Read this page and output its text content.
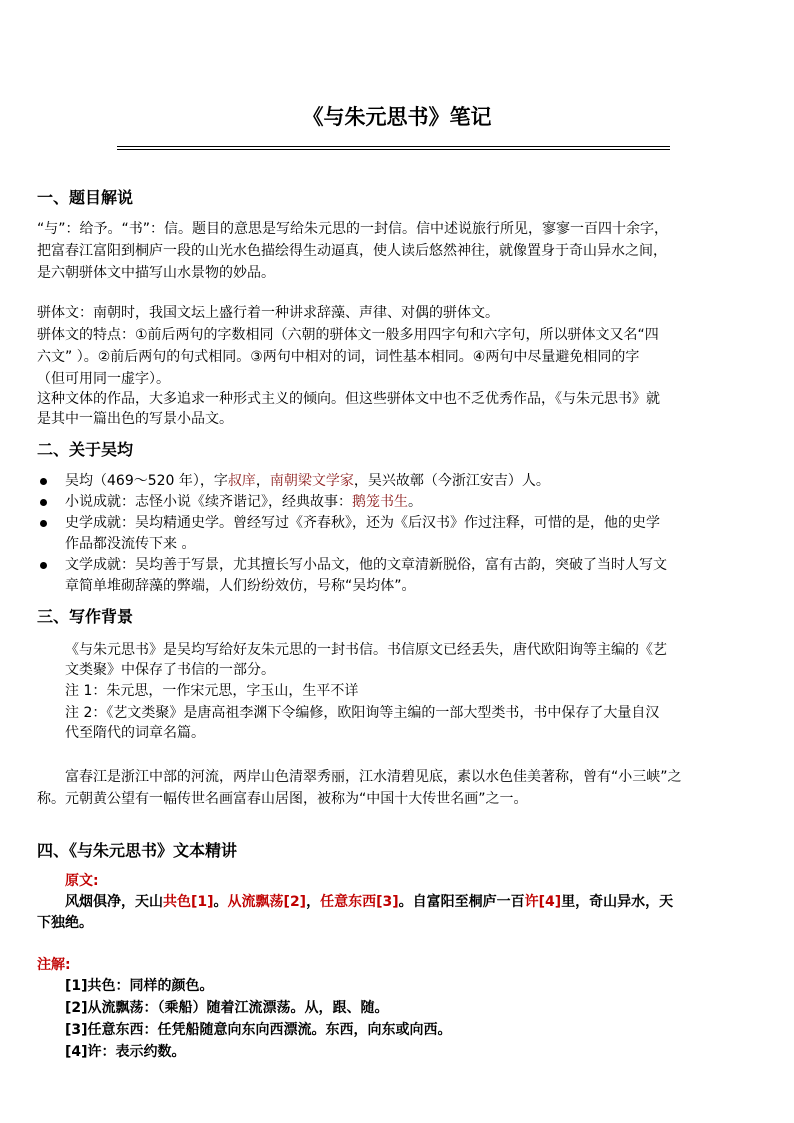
《与朱元思书》笔记
一、题目解说
“与”：给予。“书”：信。题目的意思是写给朱元思的一封信。信中述说旅行所见，寥寥一百四十余字，
把富春江富阳到桐庐一段的山光水色描绘得生动逼真，使人读后悠然神往，就像置身于奇山异水之间，
是六朝骈体文中描写山水景物的妙品。
骈体文：南朝时，我国文坛上盛行着一种讲求辞藻、声律、对偶的骈体文。
骈体文的特点：①前后两句的字数相同（六朝的骈体文一般多用四字句和六字句，所以骈体文又名“四
六文” ）。②前后两句的句式相同。③两句中相对的词，词性基本相同。④两句中尽量避免相同的字
（但可用同一虚字）。
这种文体的作品，大多追求一种形式主义的倾向。但这些骈体文中也不乏优秀作品，《与朱元思书》就
是其中一篇出色的写景小品文。
二、关于吴均
吴均（469～520 年），字叔庠，南朝梁文学家，吴兴故鄣（今浙江安吉）人。
小说成就：志怪小说《续齐谐记》，经典故事：鹅笼书生。
史学成就：吴均精通史学。曾经写过《齐春秋》，还为《后汉书》作过注释，可惜的是，他的史学
作品都没流传下来 。
文学成就：吴均善于写景，尤其擅长写小品文，他的文章清新脱俗，富有古韵，突破了当时人写文
章简单堆砌辞藻的弊端，人们纷纷效仿，号称“吴均体”。
三、写作背景
《与朱元思书》是吴均写给好友朱元思的一封书信。书信原文已经丢失，唐代欧阳询等主编的《艺
文类聚》中保存了书信的一部分。
注 1：朱元思，一作宋元思，字玉山，生平不详
注 2：《艺文类聚》是唐高祖李渊下令编修，欧阳询等主编的一部大型类书，书中保存了大量自汉
代至隋代的词章名篇。
富春江是浙江中部的河流，两岸山色清翠秀丽，江水清碧见底，素以水色佳美著称，曾有“小三峡”之
称。元朝黄公望有一幅传世名画富春山居图，被称为“中国十大传世名画”之一。
四、《与朱元思书》文本精讲
原文:
风烟俱净，天山共色[1]。从流飘荡[2]，任意东西[3]。自富阳至桐庐一百许[4]里，奇山异水，天
下独绝。
注解:
[1]共色：同样的颜色。
[2]从流飘荡：（乘船）随着江流漂荡。从，跟、随。
[3]任意东西：任凭船随意向东向西漂流。东西，向东或向西。
[4]许：表示约数。
